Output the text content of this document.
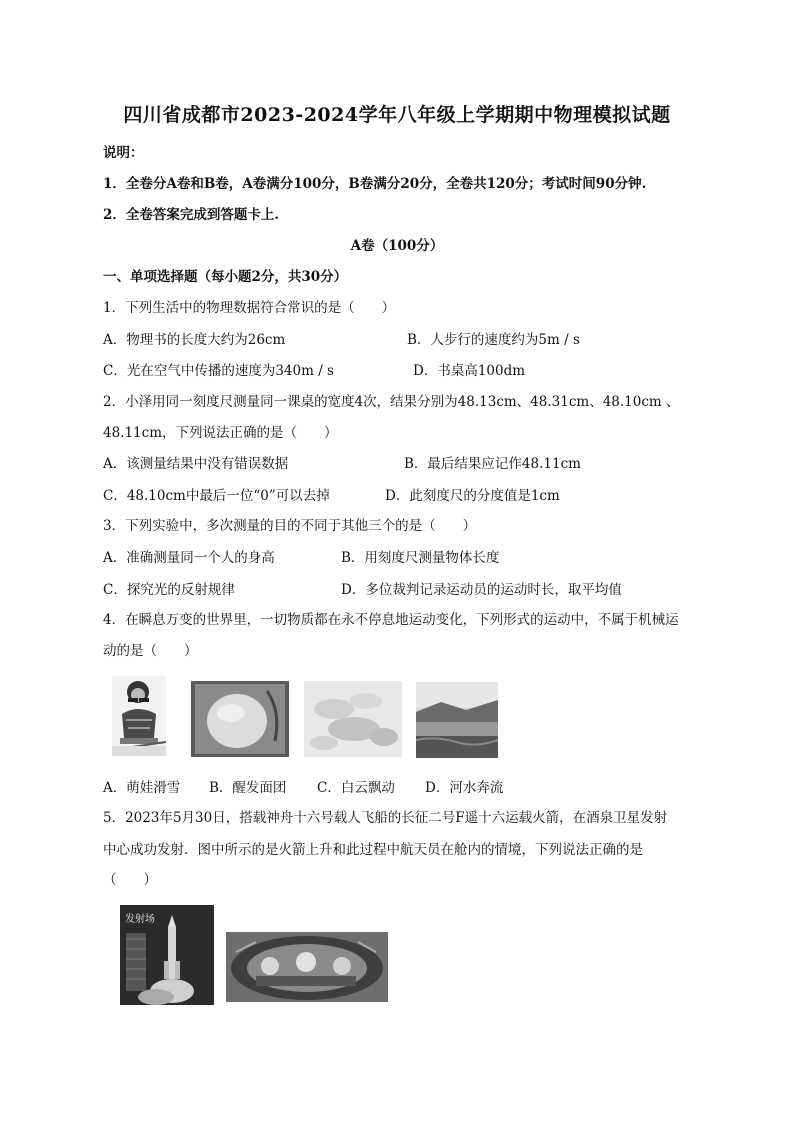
四川省成都市2023-2024学年八年级上学期期中物理模拟试题
说明：
1．全卷分A卷和B卷，A卷满分100分，B卷满分20分，全卷共120分；考试时间90分钟.
2．全卷答案完成到答题卡上.
A卷（100分）
一、单项选择题（每小题2分，共30分）
1．下列生活中的物理数据符合常识的是（　　）
A．物理书的长度大约为26cm	B．人步行的速度约为5m / s
C．光在空气中传播的速度为340m / s	D．书桌高100dm
2．小泽用同一刻度尺测量同一课桌的宽度4次，结果分别为48.13cm、48.31cm、48.10cm 、
48.11cm，下列说法正确的是（　　）
A．该测量结果中没有错误数据	B．最后结果应记作48.11cm
C．48.10cm中最后一位“0”可以去掉	D．此刻度尺的分度值是1cm
3．下列实验中，多次测量的目的不同于其他三个的是（　　）
A．准确测量同一个人的身高	B．用刻度尺测量物体长度
C．探究光的反射规律	D．多位裁判记录运动员的运动时长，取平均值
4．在瞬息万变的世界里，一切物质都在永不停息地运动变化，下列形式的运动中，不属于机械运
动的是（　　）
A．萌娃滑雪 B．醒发面团 C．白云飘动 D．河水奔流
5．2023年5月30日，搭载神舟十六号载人飞船的长征二号F遥十六运载火箭，在酒泉卫星发射
中心成功发射．图中所示的是火箭上升和此过程中航天员在舱内的情境，下列说法正确的是
（　　）
发射场
